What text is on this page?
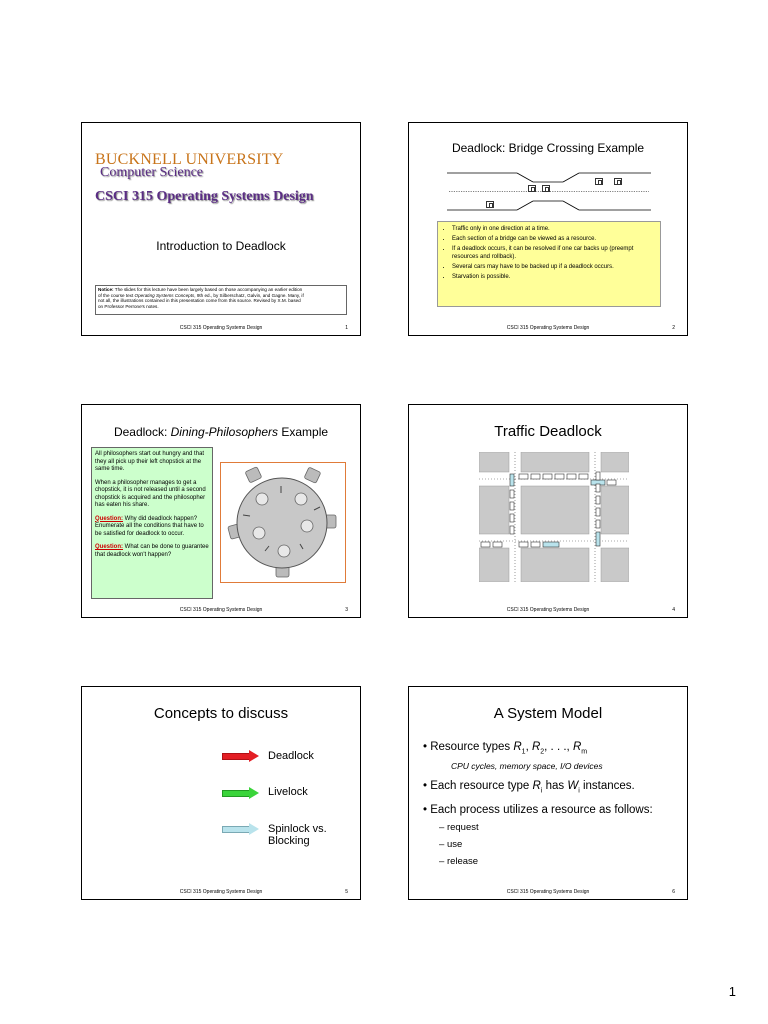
BUCKNELL UNIVERSITY
Computer Science
CSCI 315 Operating Systems Design
Introduction to Deadlock
Notice: The slides for this lecture have been largely based on those accompanying an earlier edition
of the course text Operating Systems Concepts, 9th ed., by Silberschatz, Galvin, and Gagne. Many, if
not all, the illustrations contained in this presentation come from this source. Revised by X.M. based
on Professor Perrone's notes.
CSCI 315 Operating Systems Design	1
Deadlock: Bridge Crossing Example
• Traffic only in one direction at a time.
• Each section of a bridge can be viewed as a resource.
• If a deadlock occurs, it can be resolved if one car backs up (preempt resources and rollback).
• Several cars may have to be backed up if a deadlock occurs.
• Starvation is possible.
CSCI 315 Operating Systems Design	2
Deadlock: Dining-Philosophers Example
All philosophers start out hungry and that they all pick up their left chopstick at the same time.
When a philosopher manages to get a chopstick, it is not released until a second chopstick is acquired and the philosopher has eaten his share.
Question: Why did deadlock happen? Enumerate all the conditions that have to be satisfied for deadlock to occur.
Question: What can be done to guarantee that deadlock won't happen?
CSCI 315 Operating Systems Design	3
Traffic Deadlock
CSCI 315 Operating Systems Design	4
Concepts to discuss
Deadlock
Livelock
Spinlock vs. Blocking
CSCI 315 Operating Systems Design	5
A System Model
• Resource types $R_1$, $R_2$, . . ., $R_m$
CPU cycles, memory space, I/O devices
• Each resource type $R_i$ has $W_i$ instances.
• Each process utilizes a resource as follows:
– request
– use
– release
CSCI 315 Operating Systems Design	6
1
